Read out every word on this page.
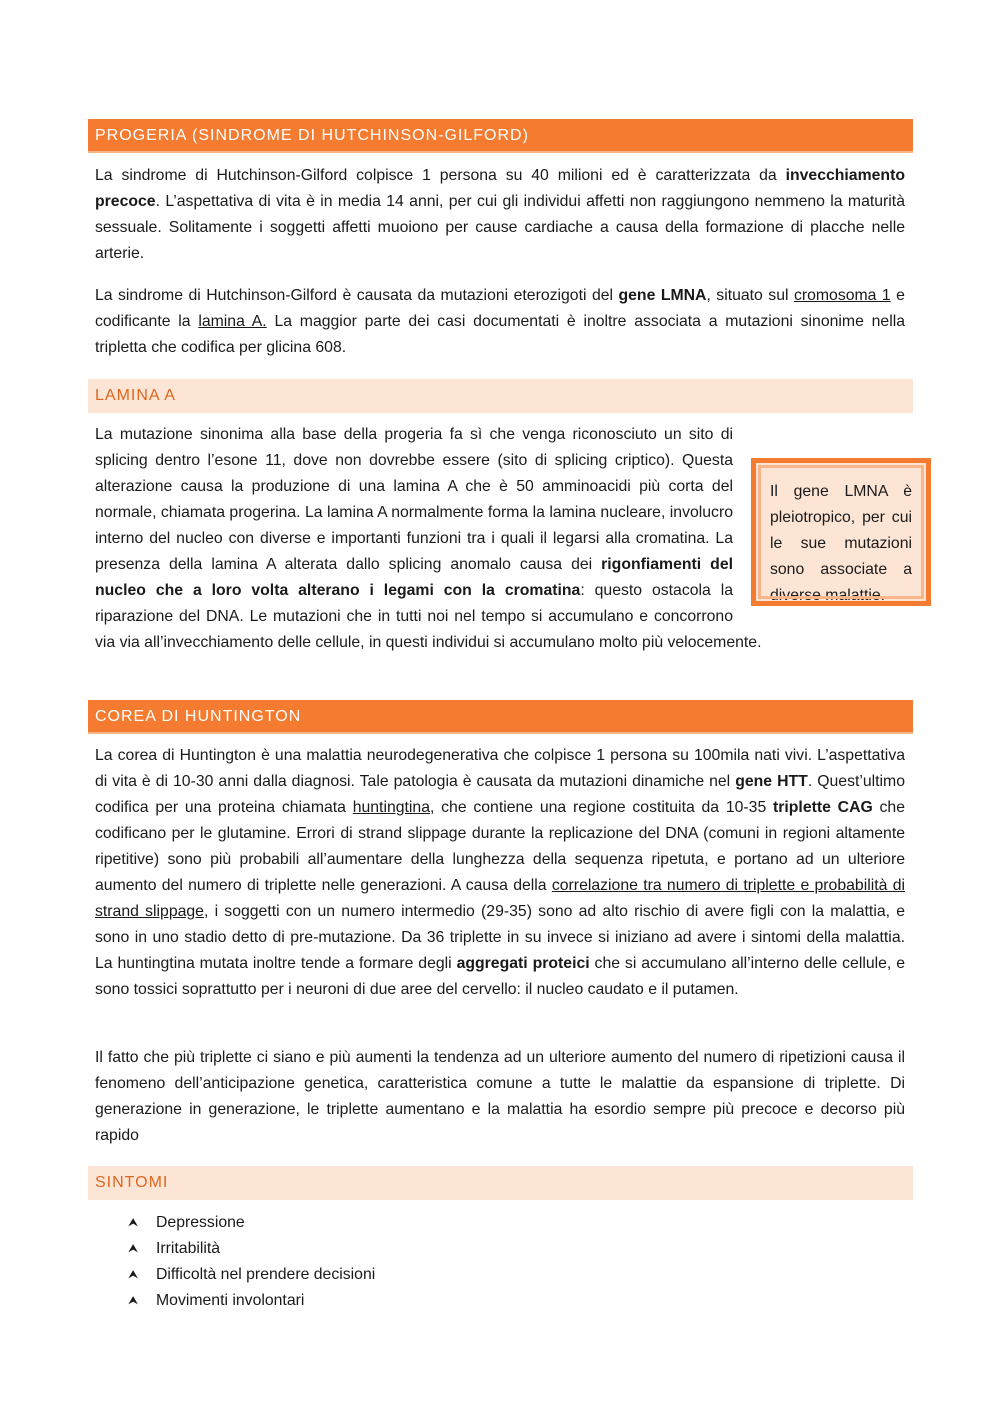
PROGERIA (SINDROME DI HUTCHINSON-GILFORD)

La sindrome di Hutchinson-Gilford colpisce 1 persona su 40 milioni ed è caratterizzata da invecchiamento precoce. L’aspettativa di vita è in media 14 anni, per cui gli individui affetti non raggiungono nemmeno la maturità sessuale. Solitamente i soggetti affetti muoiono per cause cardiache a causa della formazione di placche nelle arterie.

La sindrome di Hutchinson-Gilford è causata da mutazioni eterozigoti del gene LMNA, situato sul cromosoma 1 e codificante la lamina A. La maggior parte dei casi documentati è inoltre associata a mutazioni sinonime nella tripletta che codifica per glicina 608.

LAMINA A
Il gene LMNA è pleiotropico, per cui le sue mutazioni sono associate a diverse malattie.
La mutazione sinonima alla base della progeria fa sì che venga riconosciuto un sito di splicing dentro l’esone 11, dove non dovrebbe essere (sito di splicing criptico). Questa alterazione causa la produzione di una lamina A che è 50 amminoacidi più corta del normale, chiamata progerina. La lamina A normalmente forma la lamina nucleare, involucro interno del nucleo con diverse e importanti funzioni tra i quali il legarsi alla cromatina. La presenza della lamina A alterata dallo splicing anomalo causa dei rigonfiamenti del nucleo che a loro volta alterano i legami con la cromatina: questo ostacola la riparazione del DNA. Le mutazioni che in tutti noi nel tempo si accumulano e concorrono via via all’invecchiamento delle cellule, in questi individui si accumulano molto più velocemente.
COREA DI HUNTINGTON

La corea di Huntington è una malattia neurodegenerativa che colpisce 1 persona su 100mila nati vivi. L’aspettativa di vita è di 10-30 anni dalla diagnosi. Tale patologia è causata da mutazioni dinamiche nel gene HTT. Quest’ultimo codifica per una proteina chiamata huntingtina, che contiene una regione costituita da 10-35 triplette CAG che codificano per le glutamine. Errori di strand slippage durante la replicazione del DNA (comuni in regioni altamente ripetitive) sono più probabili all’aumentare della lunghezza della sequenza ripetuta, e portano ad un ulteriore aumento del numero di triplette nelle generazioni. A causa della correlazione tra numero di triplette e probabilità di strand slippage, i soggetti con un numero intermedio (29-35) sono ad alto rischio di avere figli con la malattia, e sono in uno stadio detto di pre-mutazione. Da 36 triplette in su invece si iniziano ad avere i sintomi della malattia. La huntingtina mutata inoltre tende a formare degli aggregati proteici che si accumulano all’interno delle cellule, e sono tossici soprattutto per i neuroni di due aree del cervello: il nucleo caudato e il putamen.

Il fatto che più triplette ci siano e più aumenti la tendenza ad un ulteriore aumento del numero di ripetizioni causa il fenomeno dell’anticipazione genetica, caratteristica comune a tutte le malattie da espansione di triplette. Di generazione in generazione, le triplette aumentano e la malattia ha esordio sempre più precoce e decorso più rapido

SINTOMI
⮝ Depressione
⮝ Irritabilità
⮝ Difficoltà nel prendere decisioni
⮝ Movimenti involontari
